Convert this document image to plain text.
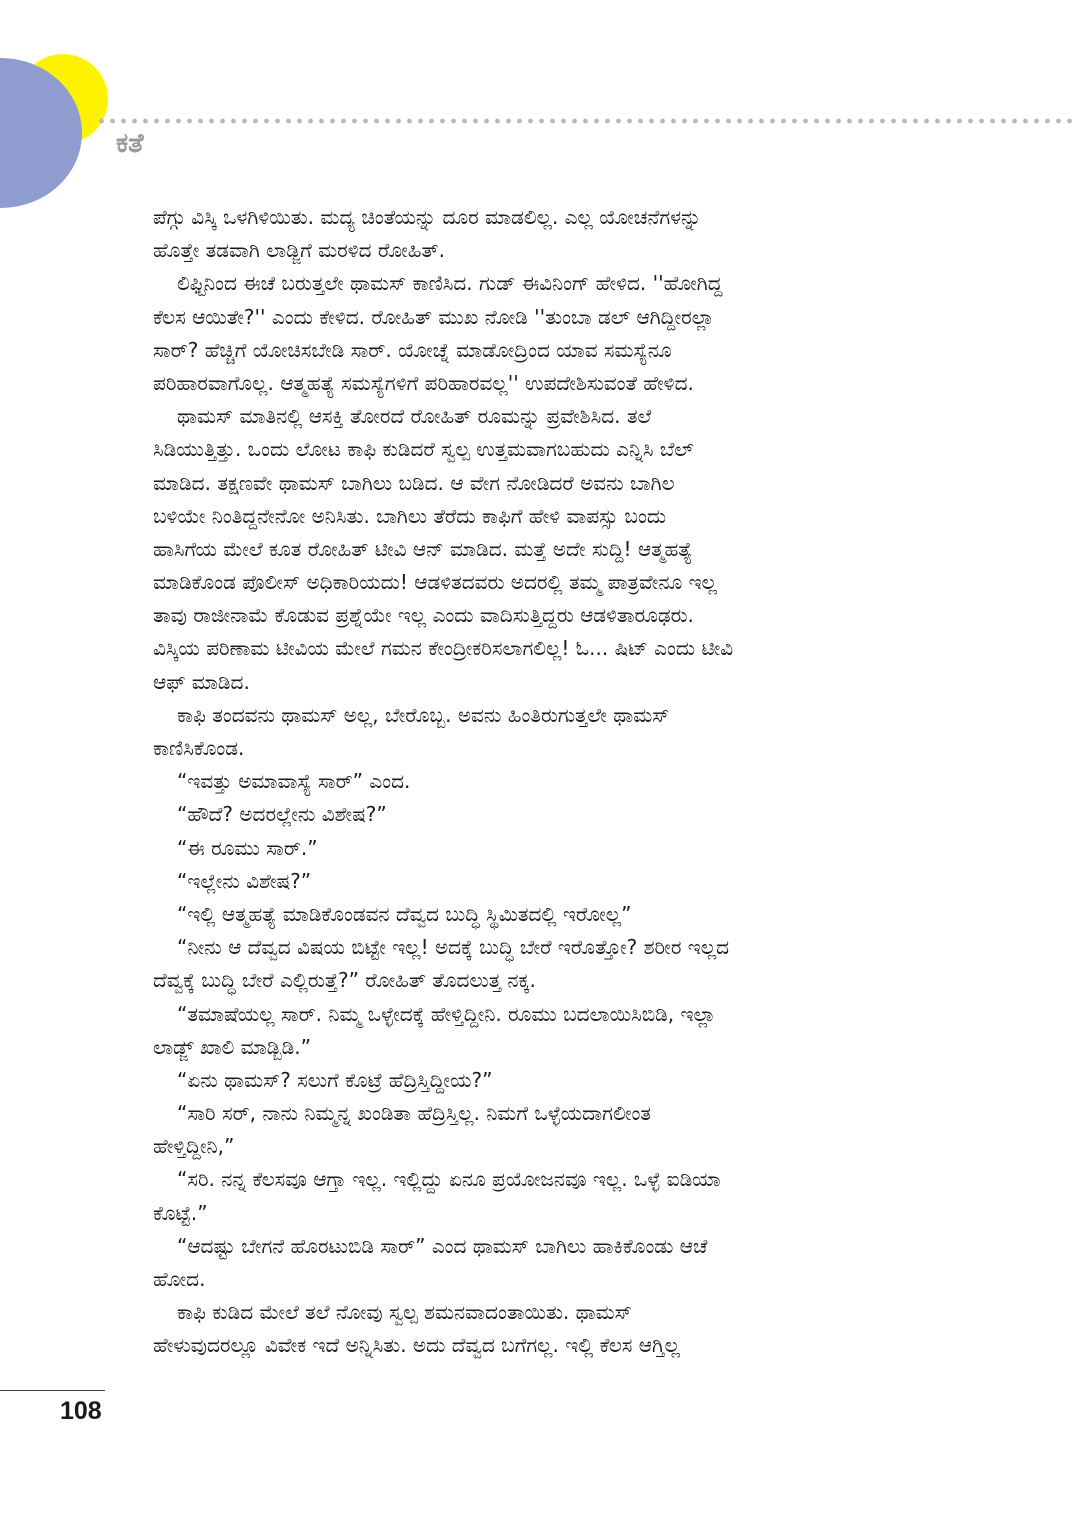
ಕತೆ
ಪೆಗ್ಗು ವಿಸ್ಕಿ ಒಳಗಿಳಿಯಿತು. ಮದ್ಯ ಚಿಂತೆಯನ್ನು ದೂರ ಮಾಡಲಿಲ್ಲ. ಎಲ್ಲ ಯೋಚನೆಗಳನ್ನು
ಹೊತ್ತೇ ತಡವಾಗಿ ಲಾಡ್ಜಿಗೆ ಮರಳಿದ ರೋಹಿತ್.
ಲಿಫ್ಟಿನಿಂದ ಈಚೆ ಬರುತ್ತಲೇ ಥಾಮಸ್ ಕಾಣಿಸಿದ. ಗುಡ್ ಈವಿನಿಂಗ್ ಹೇಳಿದ. ''ಹೋಗಿದ್ದ
ಕೆಲಸ ಆಯಿತೇ?'' ಎಂದು ಕೇಳಿದ. ರೋಹಿತ್ ಮುಖ ನೋಡಿ ''ತುಂಬಾ ಡಲ್ ಆಗಿದ್ದೀರಲ್ಲಾ
ಸಾರ್? ಹೆಚ್ಚಿಗೆ ಯೋಚಿಸಬೇಡಿ ಸಾರ್. ಯೋಚ್ನೆ ಮಾಡೋದ್ರಿಂದ ಯಾವ ಸಮಸ್ಯೆನೂ
ಪರಿಹಾರವಾಗೊಲ್ಲ. ಆತ್ಮಹತ್ಯೆ ಸಮಸ್ಯೆಗಳಿಗೆ ಪರಿಹಾರವಲ್ಲ'' ಉಪದೇಶಿಸುವಂತೆ ಹೇಳಿದ.
ಥಾಮಸ್ ಮಾತಿನಲ್ಲಿ ಆಸಕ್ತಿ ತೋರದೆ ರೋಹಿತ್ ರೂಮನ್ನು ಪ್ರವೇಶಿಸಿದ. ತಲೆ
ಸಿಡಿಯುತ್ತಿತ್ತು. ಒಂದು ಲೋಟ ಕಾಫಿ ಕುಡಿದರೆ ಸ್ವಲ್ಪ ಉತ್ತಮವಾಗಬಹುದು ಎನ್ನಿಸಿ ಬೆಲ್
ಮಾಡಿದ. ತಕ್ಷಣವೇ ಥಾಮಸ್ ಬಾಗಿಲು ಬಡಿದ. ಆ ವೇಗ ನೋಡಿದರೆ ಅವನು ಬಾಗಿಲ
ಬಳಿಯೇ ನಿಂತಿದ್ದನೇನೋ ಅನಿಸಿತು. ಬಾಗಿಲು ತೆರೆದು ಕಾಫಿಗೆ ಹೇಳಿ ವಾಪಸ್ಸು ಬಂದು
ಹಾಸಿಗೆಯ ಮೇಲೆ ಕೂತ ರೋಹಿತ್ ಟೀವಿ ಆನ್ ಮಾಡಿದ. ಮತ್ತೆ ಅದೇ ಸುದ್ದಿ! ಆತ್ಮಹತ್ಯೆ
ಮಾಡಿಕೊಂಡ ಪೊಲೀಸ್ ಅಧಿಕಾರಿಯದು! ಆಡಳಿತದವರು ಅದರಲ್ಲಿ ತಮ್ಮ ಪಾತ್ರವೇನೂ ಇಲ್ಲ
ತಾವು ರಾಜೀನಾಮೆ ಕೊಡುವ ಪ್ರಶ್ನೆಯೇ ಇಲ್ಲ ಎಂದು ವಾದಿಸುತ್ತಿದ್ದರು ಆಡಳಿತಾರೂಢರು.
ವಿಸ್ಕಿಯ ಪರಿಣಾಮ ಟೀವಿಯ ಮೇಲೆ ಗಮನ ಕೇಂದ್ರೀಕರಿಸಲಾಗಲಿಲ್ಲ! ಓ... ಷಿಟ್ ಎಂದು ಟೀವಿ
ಆಫ್ ಮಾಡಿದ.
ಕಾಫಿ ತಂದವನು ಥಾಮಸ್ ಅಲ್ಲ, ಬೇರೊಬ್ಬ. ಅವನು ಹಿಂತಿರುಗುತ್ತಲೇ ಥಾಮಸ್
ಕಾಣಿಸಿಕೊಂಡ.
“ಇವತ್ತು ಅಮಾವಾಸ್ಯೆ ಸಾರ್” ಎಂದ.
“ಹೌದೆ? ಅದರಲ್ಲೇನು ವಿಶೇಷ?”
“ಈ ರೂಮು ಸಾರ್.”
“ಇಲ್ಲೇನು ವಿಶೇಷ?”
“ಇಲ್ಲಿ ಆತ್ಮಹತ್ಯೆ ಮಾಡಿಕೊಂಡವನ ದೆವ್ವದ ಬುದ್ಧಿ ಸ್ಥಿಮಿತದಲ್ಲಿ ಇರೋಲ್ಲ”
“ನೀನು ಆ ದೆವ್ವದ ವಿಷಯ ಬಿಟ್ಟೇ ಇಲ್ಲ! ಅದಕ್ಕೆ ಬುದ್ಧಿ ಬೇರೆ ಇರೊತ್ತೋ? ಶರೀರ ಇಲ್ಲದ
ದೆವ್ವಕ್ಕೆ ಬುದ್ಧಿ ಬೇರೆ ಎಲ್ಲಿರುತ್ತೆ?” ರೋಹಿತ್ ತೊದಲುತ್ತ ನಕ್ಕ.
“ತಮಾಷೆಯಲ್ಲ ಸಾರ್. ನಿಮ್ಮ ಒಳ್ಳೇದಕ್ಕೆ ಹೇಳ್ತಿದ್ದೀನಿ. ರೂಮು ಬದಲಾಯಿಸಿಬಿಡಿ, ಇಲ್ಲಾ
ಲಾಡ್ಜ್ ಖಾಲಿ ಮಾಡ್ಬಿಡಿ.”
“ಏನು ಥಾಮಸ್? ಸಲುಗೆ ಕೊಟ್ರೆ ಹೆದ್ರಿಸ್ತಿದ್ದೀಯ?”
“ಸಾರಿ ಸರ್, ನಾನು ನಿಮ್ಮನ್ನ ಖಂಡಿತಾ ಹೆದ್ರಿಸ್ತಿಲ್ಲ. ನಿಮಗೆ ಒಳ್ಳೆಯದಾಗಲೀಂತ
ಹೇಳ್ತಿದ್ದೀನಿ,”
“ಸರಿ. ನನ್ನ ಕೆಲಸವೂ ಆಗ್ತಾ ಇಲ್ಲ. ಇಲ್ಲಿದ್ದು ಏನೂ ಪ್ರಯೋಜನವೂ ಇಲ್ಲ. ಒಳ್ಳೆ ಐಡಿಯಾ
ಕೊಟ್ಟೆ.”
“ಆದಷ್ಟು ಬೇಗನೆ ಹೊರಟುಬಿಡಿ ಸಾರ್” ಎಂದ ಥಾಮಸ್ ಬಾಗಿಲು ಹಾಕಿಕೊಂಡು ಆಚೆ
ಹೋದ.
ಕಾಫಿ ಕುಡಿದ ಮೇಲೆ ತಲೆ ನೋವು ಸ್ವಲ್ಪ ಶಮನವಾದಂತಾಯಿತು. ಥಾಮಸ್
ಹೇಳುವುದರಲ್ಲೂ ವಿವೇಕ ಇದೆ ಅನ್ನಿಸಿತು. ಅದು ದೆವ್ವದ ಬಗೆಗಲ್ಲ. ಇಲ್ಲಿ ಕೆಲಸ ಆಗ್ತಿಲ್ಲ
108
